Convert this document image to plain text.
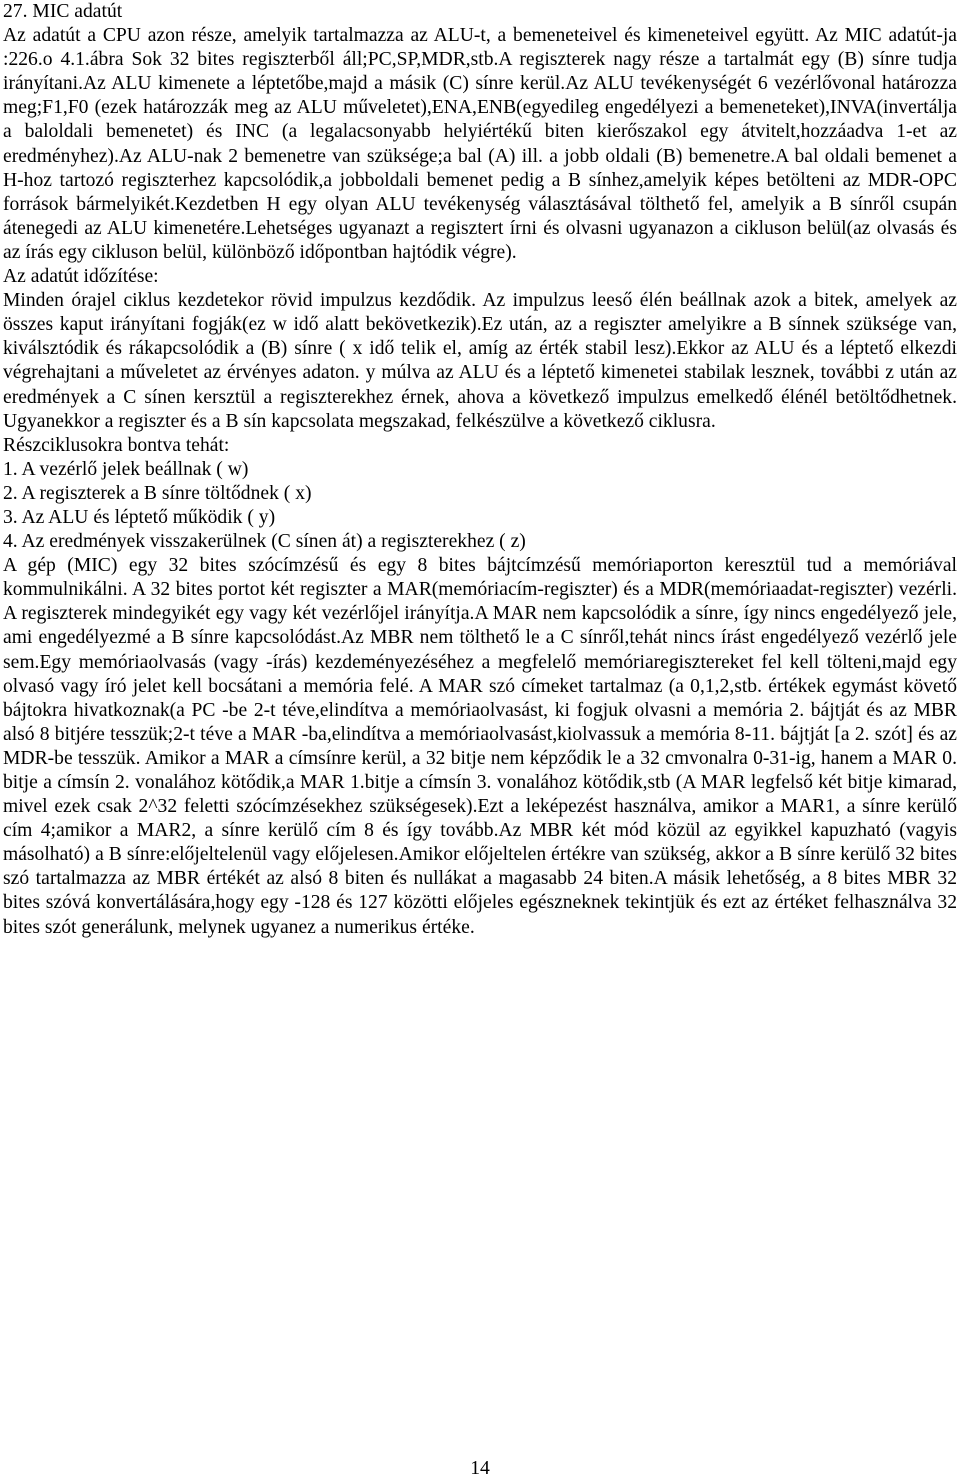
27. MIC adatút

Az adatút a CPU azon része, amelyik tartalmazza az ALU-t, a bemeneteivel és kimeneteivel együtt. Az MIC adatút-ja :226.o 4.1.ábra Sok 32 bites regiszterből áll;PC,SP,MDR,stb.A regiszterek nagy része a tartalmát egy (B) sínre tudja irányítani.Az ALU kimenete a léptetőbe,majd a másik (C) sínre kerül.Az ALU tevékenységét 6 vezérlővonal határozza meg;F1,F0 (ezek határozzák meg az ALU műveletet),ENA,ENB(egyedileg engedélyezi a bemeneteket),INVA(invertálja a baloldali bemenetet) és INC (a legalacsonyabb helyiértékű biten kierőszakol egy átvitelt,hozzáadva 1-et az eredményhez).Az ALU-nak 2 bemenetre van szüksége;a bal (A) ill. a jobb oldali (B) bemenetre.A bal oldali bemenet a H-hoz tartozó regiszterhez kapcsolódik,a jobboldali bemenet pedig a B sínhez,amelyik képes betölteni az MDR-OPC források bármelyikét.Kezdetben H egy olyan ALU tevékenység választásával tölthető fel, amelyik a B sínről csupán átenegedi az ALU kimenetére.Lehetséges ugyanazt a regisztert írni és olvasni ugyanazon a cikluson belül(az olvasás és az írás egy cikluson belül, különböző időpontban hajtódik végre).

Az adatút időzítése:

Minden órajel ciklus kezdetekor rövid impulzus kezdődik. Az impulzus leeső élén beállnak azok a bitek, amelyek az összes kaput irányítani fogják(ez w idő alatt bekövetkezik).Ez után, az a regiszter amelyikre a B sínnek szüksége van, kiválsztódik és rákapcsolódik a (B) sínre ( x idő telik el, amíg az érték stabil lesz).Ekkor az ALU és a léptető elkezdi végrehajtani a műveletet az érvényes adaton. y múlva az ALU és a léptető kimenetei stabilak lesznek, további z után az eredmények a C sínen kersztül a regiszterekhez érnek, ahova a következő impulzus emelkedő élénél betöltődhetnek. Ugyanekkor a regiszter és a B sín kapcsolata megszakad, felkészülve a következő ciklusra.

Részciklusokra bontva tehát:

1. A vezérlő jelek beállnak ( w)

2. A regiszterek a B sínre töltődnek ( x)

3. Az ALU és léptető működik ( y)

4. Az eredmények visszakerülnek (C sínen át) a regiszterekhez ( z)

A gép (MIC) egy 32 bites szócímzésű és egy 8 bites bájtcímzésű memóriaporton keresztül tud a memóriával kommulnikálni. A 32 bites portot két regiszter a MAR(memóriacím-regiszter) és a MDR(memóriaadat-regiszter) vezérli. A regiszterek mindegyikét egy vagy két vezérlőjel irányítja.A MAR nem kapcsolódik a sínre, így nincs engedélyező jele, ami engedélyezmé a B sínre kapcsolódást.Az MBR nem tölthető le a C sínről,tehát nincs írást engedélyező vezérlő jele sem.Egy memóriaolvasás (vagy -írás) kezdeményezéséhez a megfelelő memóriaregisztereket fel kell tölteni,majd egy olvasó vagy író jelet kell bocsátani a memória felé. A MAR szó címeket tartalmaz (a 0,1,2,stb. értékek egymást követő bájtokra hivatkoznak(a PC -be 2-t téve,elindítva a memóriaolvasást, ki fogjuk olvasni a memória 2. bájtját és az MBR alsó 8 bitjére tesszük;2-t téve a MAR -ba,elindítva a memóriaolvasást,kiolvassuk a memória 8-11. bájtját [a 2. szót] és az MDR-be tesszük. Amikor a MAR a címsínre kerül, a 32 bitje nem képződik le a 32 cmvonalra 0-31-ig, hanem a MAR 0. bitje a címsín 2. vonalához kötődik,a MAR 1.bitje a címsín 3. vonalához kötődik,stb (A MAR legfelső két bitje kimarad, mivel ezek csak 2^32 feletti szócímzésekhez szükségesek).Ezt a leképezést használva, amikor a MAR1, a sínre kerülő cím 4;amikor a MAR2, a sínre kerülő cím 8 és így tovább.Az MBR két mód közül az egyikkel kapuzható (vagyis másolható) a B sínre:előjeltelenül vagy előjelesen.Amikor előjeltelen értékre van szükség, akkor a B sínre kerülő 32 bites szó tartalmazza az MBR értékét az alsó 8 biten és nullákat a magasabb 24 biten.A másik lehetőség, a 8 bites MBR 32 bites szóvá konvertálására,hogy egy -128 és 127 közötti előjeles egészneknek tekintjük és ezt az értéket felhasználva 32 bites szót generálunk, melynek ugyanez a numerikus értéke.

14
